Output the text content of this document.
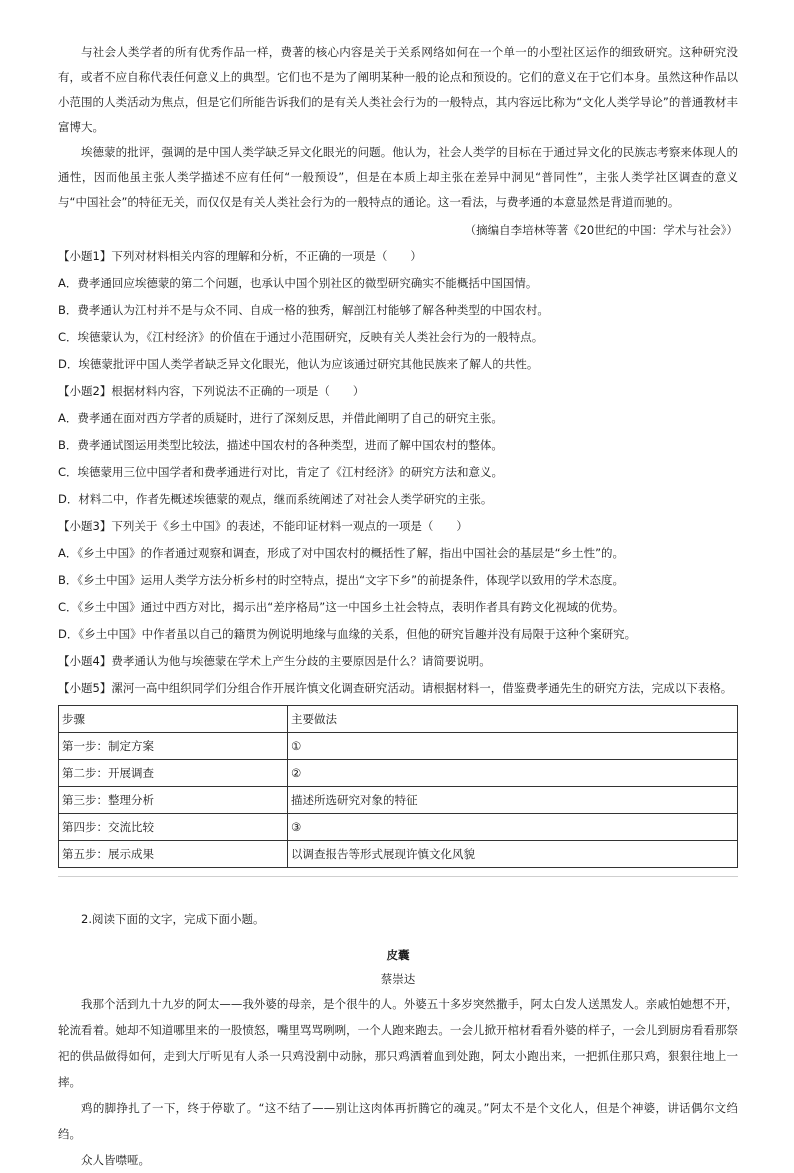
与社会人类学者的所有优秀作品一样，费著的核心内容是关于关系网络如何在一个单一的小型社区运作的细致研究。这种研究没有，或者不应自称代表任何意义上的典型。它们也不是为了阐明某种一般的论点和预设的。它们的意义在于它们本身。虽然这种作品以小范围的人类活动为焦点，但是它们所能告诉我们的是有关人类社会行为的一般特点，其内容远比称为“文化人类学导论”的普通教材丰富博大。

埃德蒙的批评，强调的是中国人类学缺乏异文化眼光的问题。他认为，社会人类学的目标在于通过异文化的民族志考察来体现人的通性，因而他虽主张人类学描述不应有任何“一般预设”，但是在本质上却主张在差异中洞见“普同性”，主张人类学社区调查的意义与“中国社会”的特征无关，而仅仅是有关人类社会行为的一般特点的通论。这一看法，与费孝通的本意显然是背道而驰的。

（摘编自李培林等著《20世纪的中国：学术与社会》）

【小题1】下列对材料相关内容的理解和分析，不正确的一项是（　　）

A．费孝通回应埃德蒙的第二个问题，也承认中国个别社区的微型研究确实不能概括中国国情。

B．费孝通认为江村并不是与众不同、自成一格的独秀，解剖江村能够了解各种类型的中国农村。

C．埃德蒙认为，《江村经济》的价值在于通过小范围研究，反映有关人类社会行为的一般特点。

D．埃德蒙批评中国人类学者缺乏异文化眼光，他认为应该通过研究其他民族来了解人的共性。

【小题2】根据材料内容，下列说法不正确的一项是（　　）

A．费孝通在面对西方学者的质疑时，进行了深刻反思，并借此阐明了自己的研究主张。

B．费孝通试图运用类型比较法，描述中国农村的各种类型，进而了解中国农村的整体。

C．埃德蒙用三位中国学者和费孝通进行对比，肯定了《江村经济》的研究方法和意义。

D．材料二中，作者先概述埃德蒙的观点，继而系统阐述了对社会人类学研究的主张。

【小题3】下列关于《乡土中国》的表述，不能印证材料一观点的一项是（　　）

A．《乡土中国》的作者通过观察和调查，形成了对中国农村的概括性了解，指出中国社会的基层是“乡土性”的。

B．《乡土中国》运用人类学方法分析乡村的时空特点，提出“文字下乡”的前提条件，体现学以致用的学术态度。

C．《乡土中国》通过中西方对比，揭示出“差序格局”这一中国乡土社会特点，表明作者具有跨文化视域的优势。

D．《乡土中国》中作者虽以自己的籍贯为例说明地缘与血缘的关系，但他的研究旨趣并没有局限于这种个案研究。

【小题4】费孝通认为他与埃德蒙在学术上产生分歧的主要原因是什么？请简要说明。

【小题5】漯河一高中组织同学们分组合作开展许慎文化调查研究活动。请根据材料一，借鉴费孝通先生的研究方法，完成以下表格。

步骤	主要做法
第一步：制定方案	①
第二步：开展调查	②
第三步：整理分析	描述所选研究对象的特征
第四步：交流比较	③
第五步：展示成果	以调查报告等形式展现许慎文化风貌

2.阅读下面的文字，完成下面小题。

皮囊
蔡崇达

我那个活到九十九岁的阿太——我外婆的母亲，是个很牛的人。外婆五十多岁突然撒手，阿太白发人送黑发人。亲戚怕她想不开，轮流看着。她却不知道哪里来的一股愤怒，嘴里骂骂咧咧，一个人跑来跑去。一会儿掀开棺材看看外婆的样子，一会儿到厨房看看那祭祀的供品做得如何，走到大厅听见有人杀一只鸡没割中动脉，那只鸡洒着血到处跑，阿太小跑出来，一把抓住那只鸡，狠狠往地上一摔。

鸡的脚挣扎了一下，终于停歇了。“这不结了——别让这肉体再折腾它的魂灵。”阿太不是个文化人，但是个神婆，讲话偶尔文绉绉。

众人皆噤哑。
